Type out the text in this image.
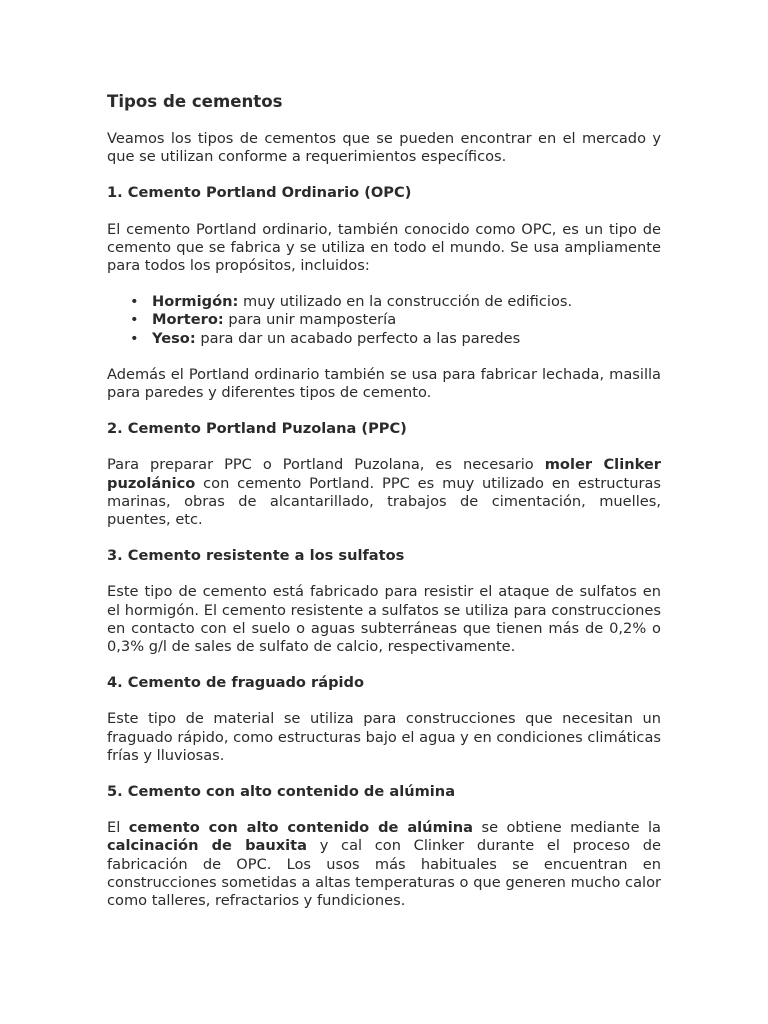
Tipos de cementos

Veamos los tipos de cementos que se pueden encontrar en el mercado y que se utilizan conforme a requerimientos específicos.

1. Cemento Portland Ordinario (OPC)

El cemento Portland ordinario, también conocido como OPC, es un tipo de cemento que se fabrica y se utiliza en todo el mundo. Se usa ampliamente para todos los propósitos, incluidos:

• Hormigón: muy utilizado en la construcción de edificios.
• Mortero: para unir mampostería
• Yeso: para dar un acabado perfecto a las paredes

Además el Portland ordinario también se usa para fabricar lechada, masilla para paredes y diferentes tipos de cemento.

2. Cemento Portland Puzolana (PPC)

Para preparar PPC o Portland Puzolana, es necesario moler Clinker puzolánico con cemento Portland. PPC es muy utilizado en estructuras marinas, obras de alcantarillado, trabajos de cimentación, muelles, puentes, etc.

3. Cemento resistente a los sulfatos

Este tipo de cemento está fabricado para resistir el ataque de sulfatos en el hormigón. El cemento resistente a sulfatos se utiliza para construcciones en contacto con el suelo o aguas subterráneas que tienen más de 0,2% o 0,3% g/l de sales de sulfato de calcio, respectivamente.

4. Cemento de fraguado rápido

Este tipo de material se utiliza para construcciones que necesitan un fraguado rápido, como estructuras bajo el agua y en condiciones climáticas frías y lluviosas.

5. Cemento con alto contenido de alúmina

El cemento con alto contenido de alúmina se obtiene mediante la calcinación de bauxita y cal con Clinker durante el proceso de fabricación de OPC. Los usos más habituales se encuentran en construcciones sometidas a altas temperaturas o que generen mucho calor como talleres, refractarios y fundiciones.
